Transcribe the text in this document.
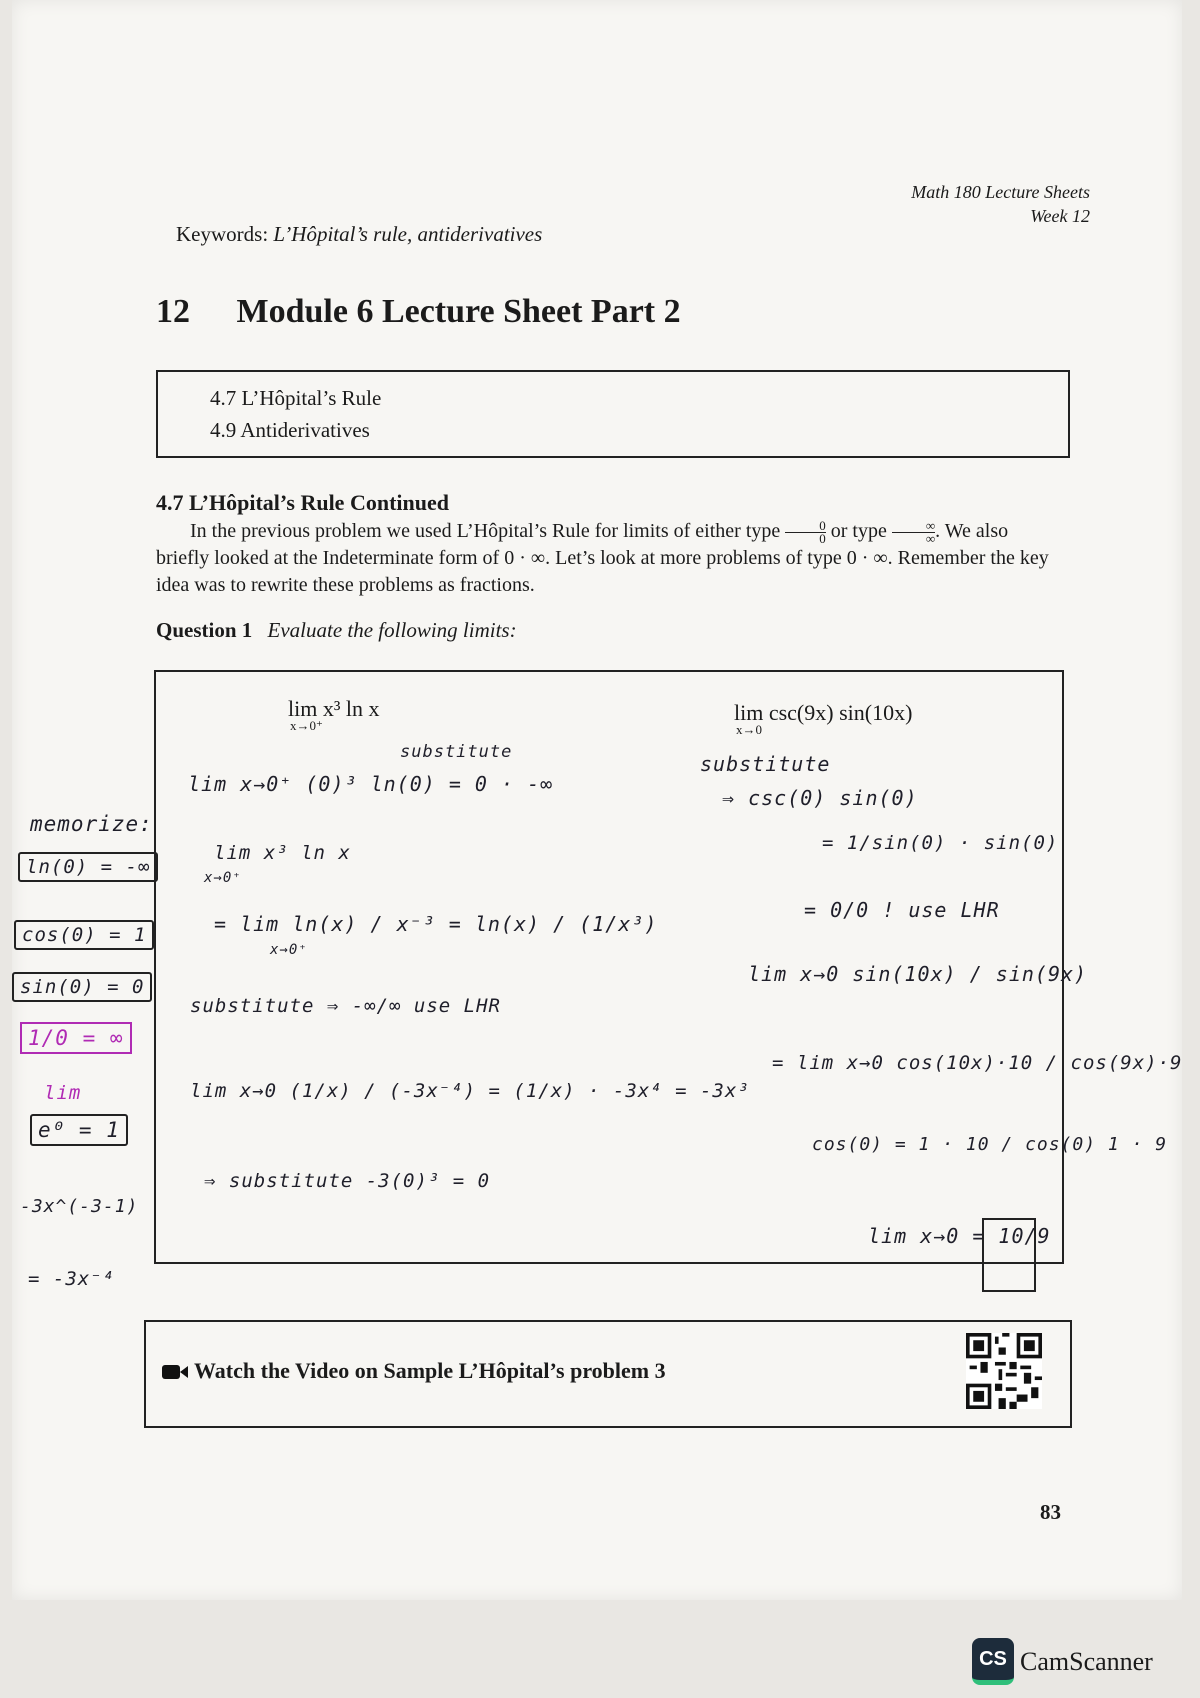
Math 180 Lecture Sheets
Week 12
Keywords: L’Hôpital’s rule, antiderivatives
12 Module 6 Lecture Sheet Part 2
4.7 L’Hôpital’s Rule
4.9 Antiderivatives
4.7 L’Hôpital’s Rule Continued
In the previous problem we used L’Hôpital’s Rule for limits of either type $\frac{0}{0}$ or type $\frac{\infty}{\infty}$ . We also briefly looked at the Indeterminate form of 0 · ∞. Let’s look at more problems of type 0 · ∞. Remember the key idea was to rewrite these problems as fractions.
Question 1 Evaluate the following limits:
lim x³ ln x
x→0⁺
lim csc(9x) sin(10x)
x→0
memorize:
ln(0) = -∞
cos(0) = 1
sin(0) = 0
1/0 = ∞
lim
e⁰ = 1
-3x^(-3-1)
= -3x⁻⁴
substitute
lim x→0⁺ (0)³ ln(0) = 0 · -∞
lim x³ ln x
x→0⁺
= lim ln(x) / x⁻³ = ln(x) / (1/x³)
x→0⁺
substitute ⇒ -∞/∞ use LHR
lim x→0 (1/x) / (-3x⁻⁴) = (1/x) · -3x⁴ = -3x³
⇒ substitute -3(0)³ = 0
substitute
⇒ csc(0) sin(0)
= 1/sin(0) · sin(0)
= 0/0 ! use LHR
lim x→0 sin(10x) / sin(9x)
= lim x→0 cos(10x)·10 / cos(9x)·9
cos(0) = 1 · 10 / cos(0) 1 · 9
lim x→0 = 10/9
Watch the Video on Sample L’Hôpital’s problem 3
83
CS CamScanner
